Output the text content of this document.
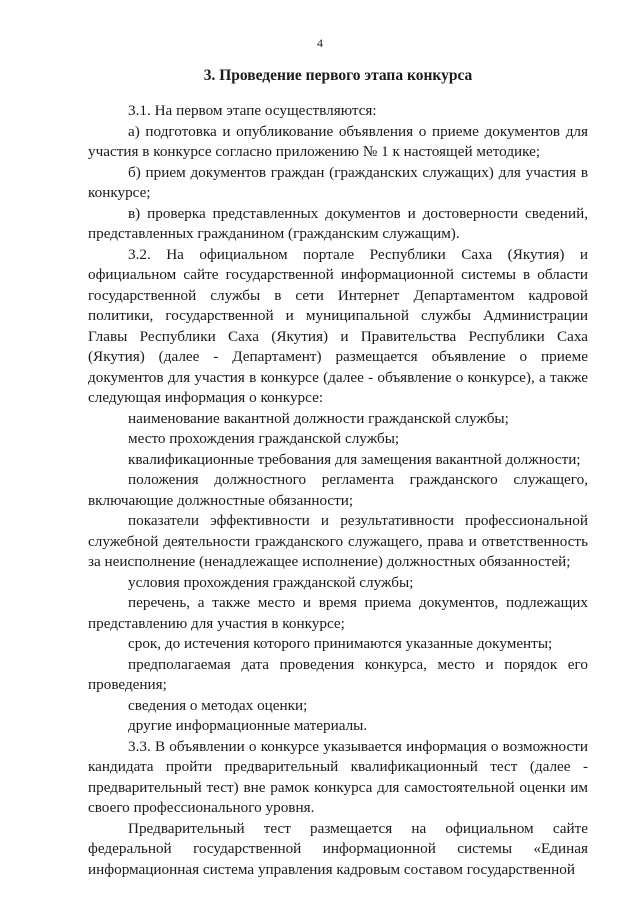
4
3. Проведение первого этапа конкурса

3.1. На первом этапе осуществляются:

а) подготовка и опубликование объявления о приеме документов для участия в конкурсе согласно приложению № 1 к настоящей методике;

б) прием документов граждан (гражданских служащих) для участия в конкурсе;

в) проверка представленных документов и достоверности сведений, представленных гражданином (гражданским служащим).

3.2. На официальном портале Республики Саха (Якутия) и официальном сайте государственной информационной системы в области государственной службы в сети Интернет Департаментом кадровой политики, государственной и муниципальной службы Администрации Главы Республики Саха (Якутия) и Правительства Республики Саха (Якутия) (далее - Департамент) размещается объявление о приеме документов для участия в конкурсе (далее - объявление о конкурсе), а также следующая информация о конкурсе:

наименование вакантной должности гражданской службы;

место прохождения гражданской службы;

квалификационные требования для замещения вакантной должности;

положения должностного регламента гражданского служащего, включающие должностные обязанности;

показатели эффективности и результативности профессиональной служебной деятельности гражданского служащего, права и ответственность за неисполнение (ненадлежащее исполнение) должностных обязанностей;

условия прохождения гражданской службы;

перечень, а также место и время приема документов, подлежащих представлению для участия в конкурсе;

срок, до истечения которого принимаются указанные документы;

предполагаемая дата проведения конкурса, место и порядок его проведения;

сведения о методах оценки;

другие информационные материалы.

3.3. В объявлении о конкурсе указывается информация о возможности кандидата пройти предварительный квалификационный тест (далее - предварительный тест) вне рамок конкурса для самостоятельной оценки им своего профессионального уровня.

Предварительный тест размещается на официальном сайте федеральной государственной информационной системы «Единая информационная система управления кадровым составом государственной
